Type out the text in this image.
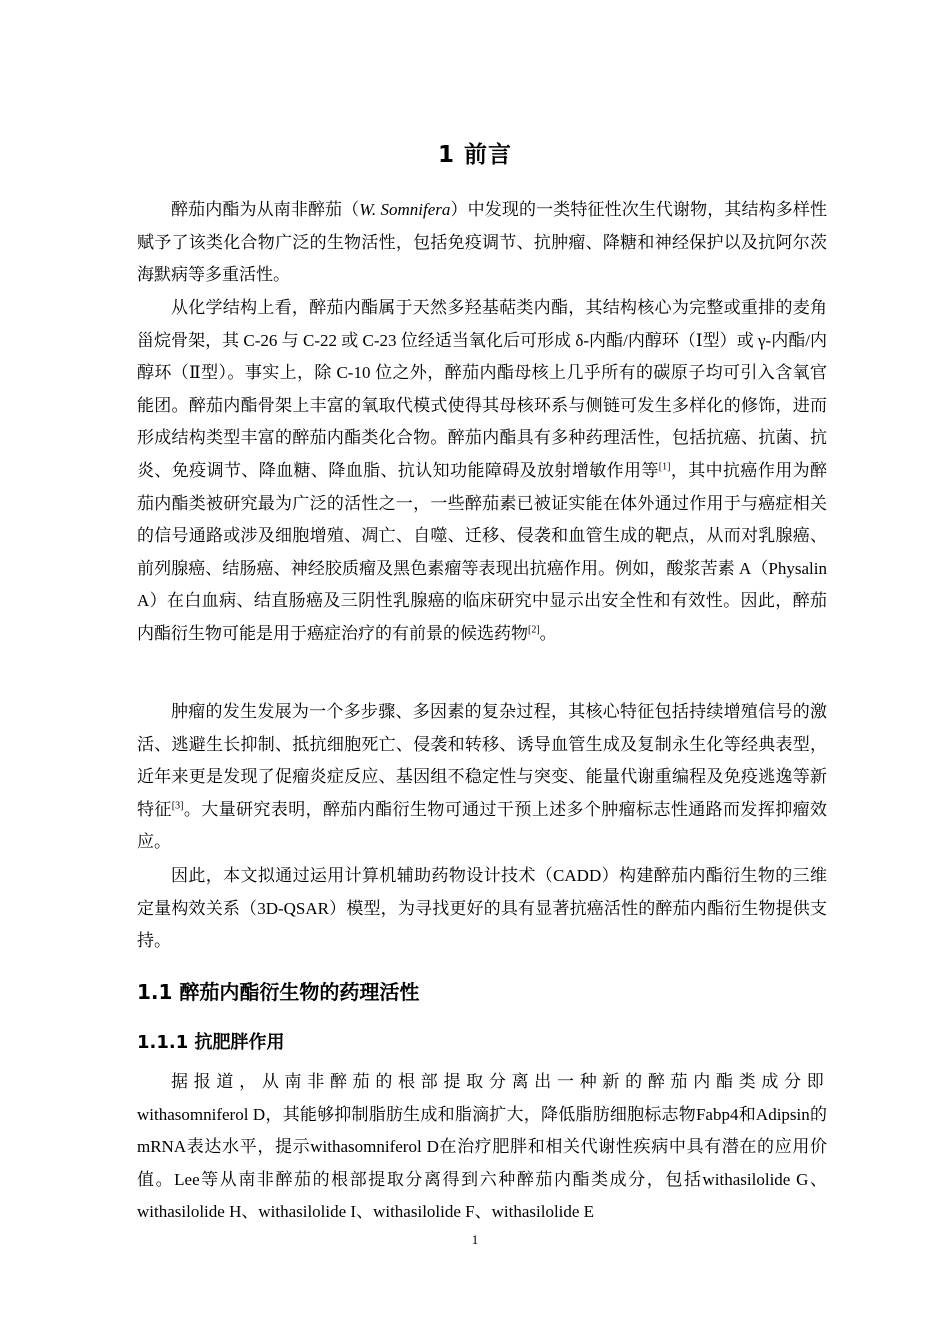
1 前言

醉茄内酯为从南非醉茄（W. Somnifera）中发现的一类特征性次生代谢物，其结构多样性赋予了该类化合物广泛的生物活性，包括免疫调节、抗肿瘤、降糖和神经保护以及抗阿尔茨海默病等多重活性。

从化学结构上看，醉茄内酯属于天然多羟基萜类内酯，其结构核心为完整或重排的麦角甾烷骨架，其 C-26 与 C-22 或 C-23 位经适当氧化后可形成 δ-内酯/内醇环（Ⅰ型）或 γ-内酯/内醇环（Ⅱ型）。事实上，除 C-10 位之外，醉茄内酯母核上几乎所有的碳原子均可引入含氧官能团。醉茄内酯骨架上丰富的氧取代模式使得其母核环系与侧链可发生多样化的修饰，进而形成结构类型丰富的醉茄内酯类化合物。醉茄内酯具有多种药理活性，包括抗癌、抗菌、抗炎、免疫调节、降血糖、降血脂、抗认知功能障碍及放射增敏作用等[1]，其中抗癌作用为醉茄内酯类被研究最为广泛的活性之一，一些醉茄素已被证实能在体外通过作用于与癌症相关的信号通路或涉及细胞增殖、凋亡、自噬、迁移、侵袭和血管生成的靶点，从而对乳腺癌、前列腺癌、结肠癌、神经胶质瘤及黑色素瘤等表现出抗癌作用。例如，酸浆苦素 A（Physalin A）在白血病、结直肠癌及三阴性乳腺癌的临床研究中显示出安全性和有效性。因此，醉茄内酯衍生物可能是用于癌症治疗的有前景的候选药物[2]。

肿瘤的发生发展为一个多步骤、多因素的复杂过程，其核心特征包括持续增殖信号的激活、逃避生长抑制、抵抗细胞死亡、侵袭和转移、诱导血管生成及复制永生化等经典表型，近年来更是发现了促瘤炎症反应、基因组不稳定性与突变、能量代谢重编程及免疫逃逸等新特征[3]。大量研究表明，醉茄内酯衍生物可通过干预上述多个肿瘤标志性通路而发挥抑瘤效应。

因此，本文拟通过运用计算机辅助药物设计技术（CADD）构建醉茄内酯衍生物的三维定量构效关系（3D-QSAR）模型，为寻找更好的具有显著抗癌活性的醉茄内酯衍生物提供支持。

1.1 醉茄内酯衍生物的药理活性
1.1.1 抗肥胖作用

据报道，从南非醉茄的根部提取分离出一种新的醉茄内酯类成分即 withasomniferol D，其能够抑制脂肪生成和脂滴扩大，降低脂肪细胞标志物Fabp4和Adipsin的mRNA表达水平，提示withasomniferol D在治疗肥胖和相关代谢性疾病中具有潜在的应用价值。Lee等从南非醉茄的根部提取分离得到六种醉茄内酯类成分，包括withasilolide G、withasilolide H、withasilolide I、withasilolide F、withasilolide E

1
